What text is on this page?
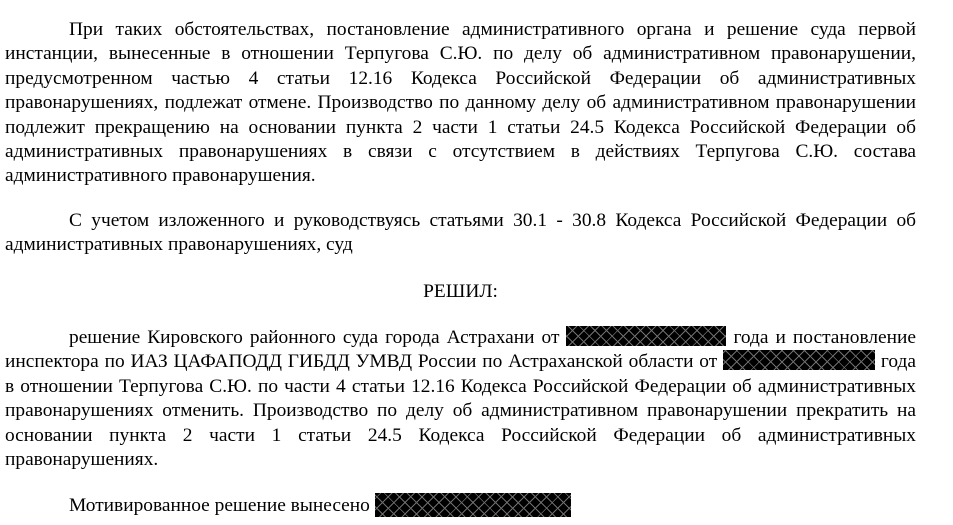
При таких обстоятельствах, постановление административного органа и решение суда первой инстанции, вынесенные в отношении Терпугова С.Ю. по делу об административном правонарушении, предусмотренном частью 4 статьи 12.16 Кодекса Российской Федерации об административных правонарушениях, подлежат отмене. Производство по данному делу об административном правонарушении подлежит прекращению на основании пункта 2 части 1 статьи 24.5 Кодекса Российской Федерации об административных правонарушениях в связи с отсутствием в действиях Терпугова С.Ю. состава административного правонарушения.

С учетом изложенного и руководствуясь статьями 30.1 - 30.8 Кодекса Российской Федерации об административных правонарушениях, суд

РЕШИЛ:

решение Кировского районного суда города Астрахани от	года и постановление инспектора по ИАЗ ЦАФАПОДД ГИБДД УМВД России по Астраханской области от	года в отношении Терпугова С.Ю. по части 4 статьи 12.16 Кодекса Российской Федерации об административных правонарушениях отменить. Производство по делу об административном правонарушении прекратить на основании пункта 2 части 1 статьи 24.5 Кодекса Российской Федерации об административных правонарушениях.

Мотивированное решение вынесено
